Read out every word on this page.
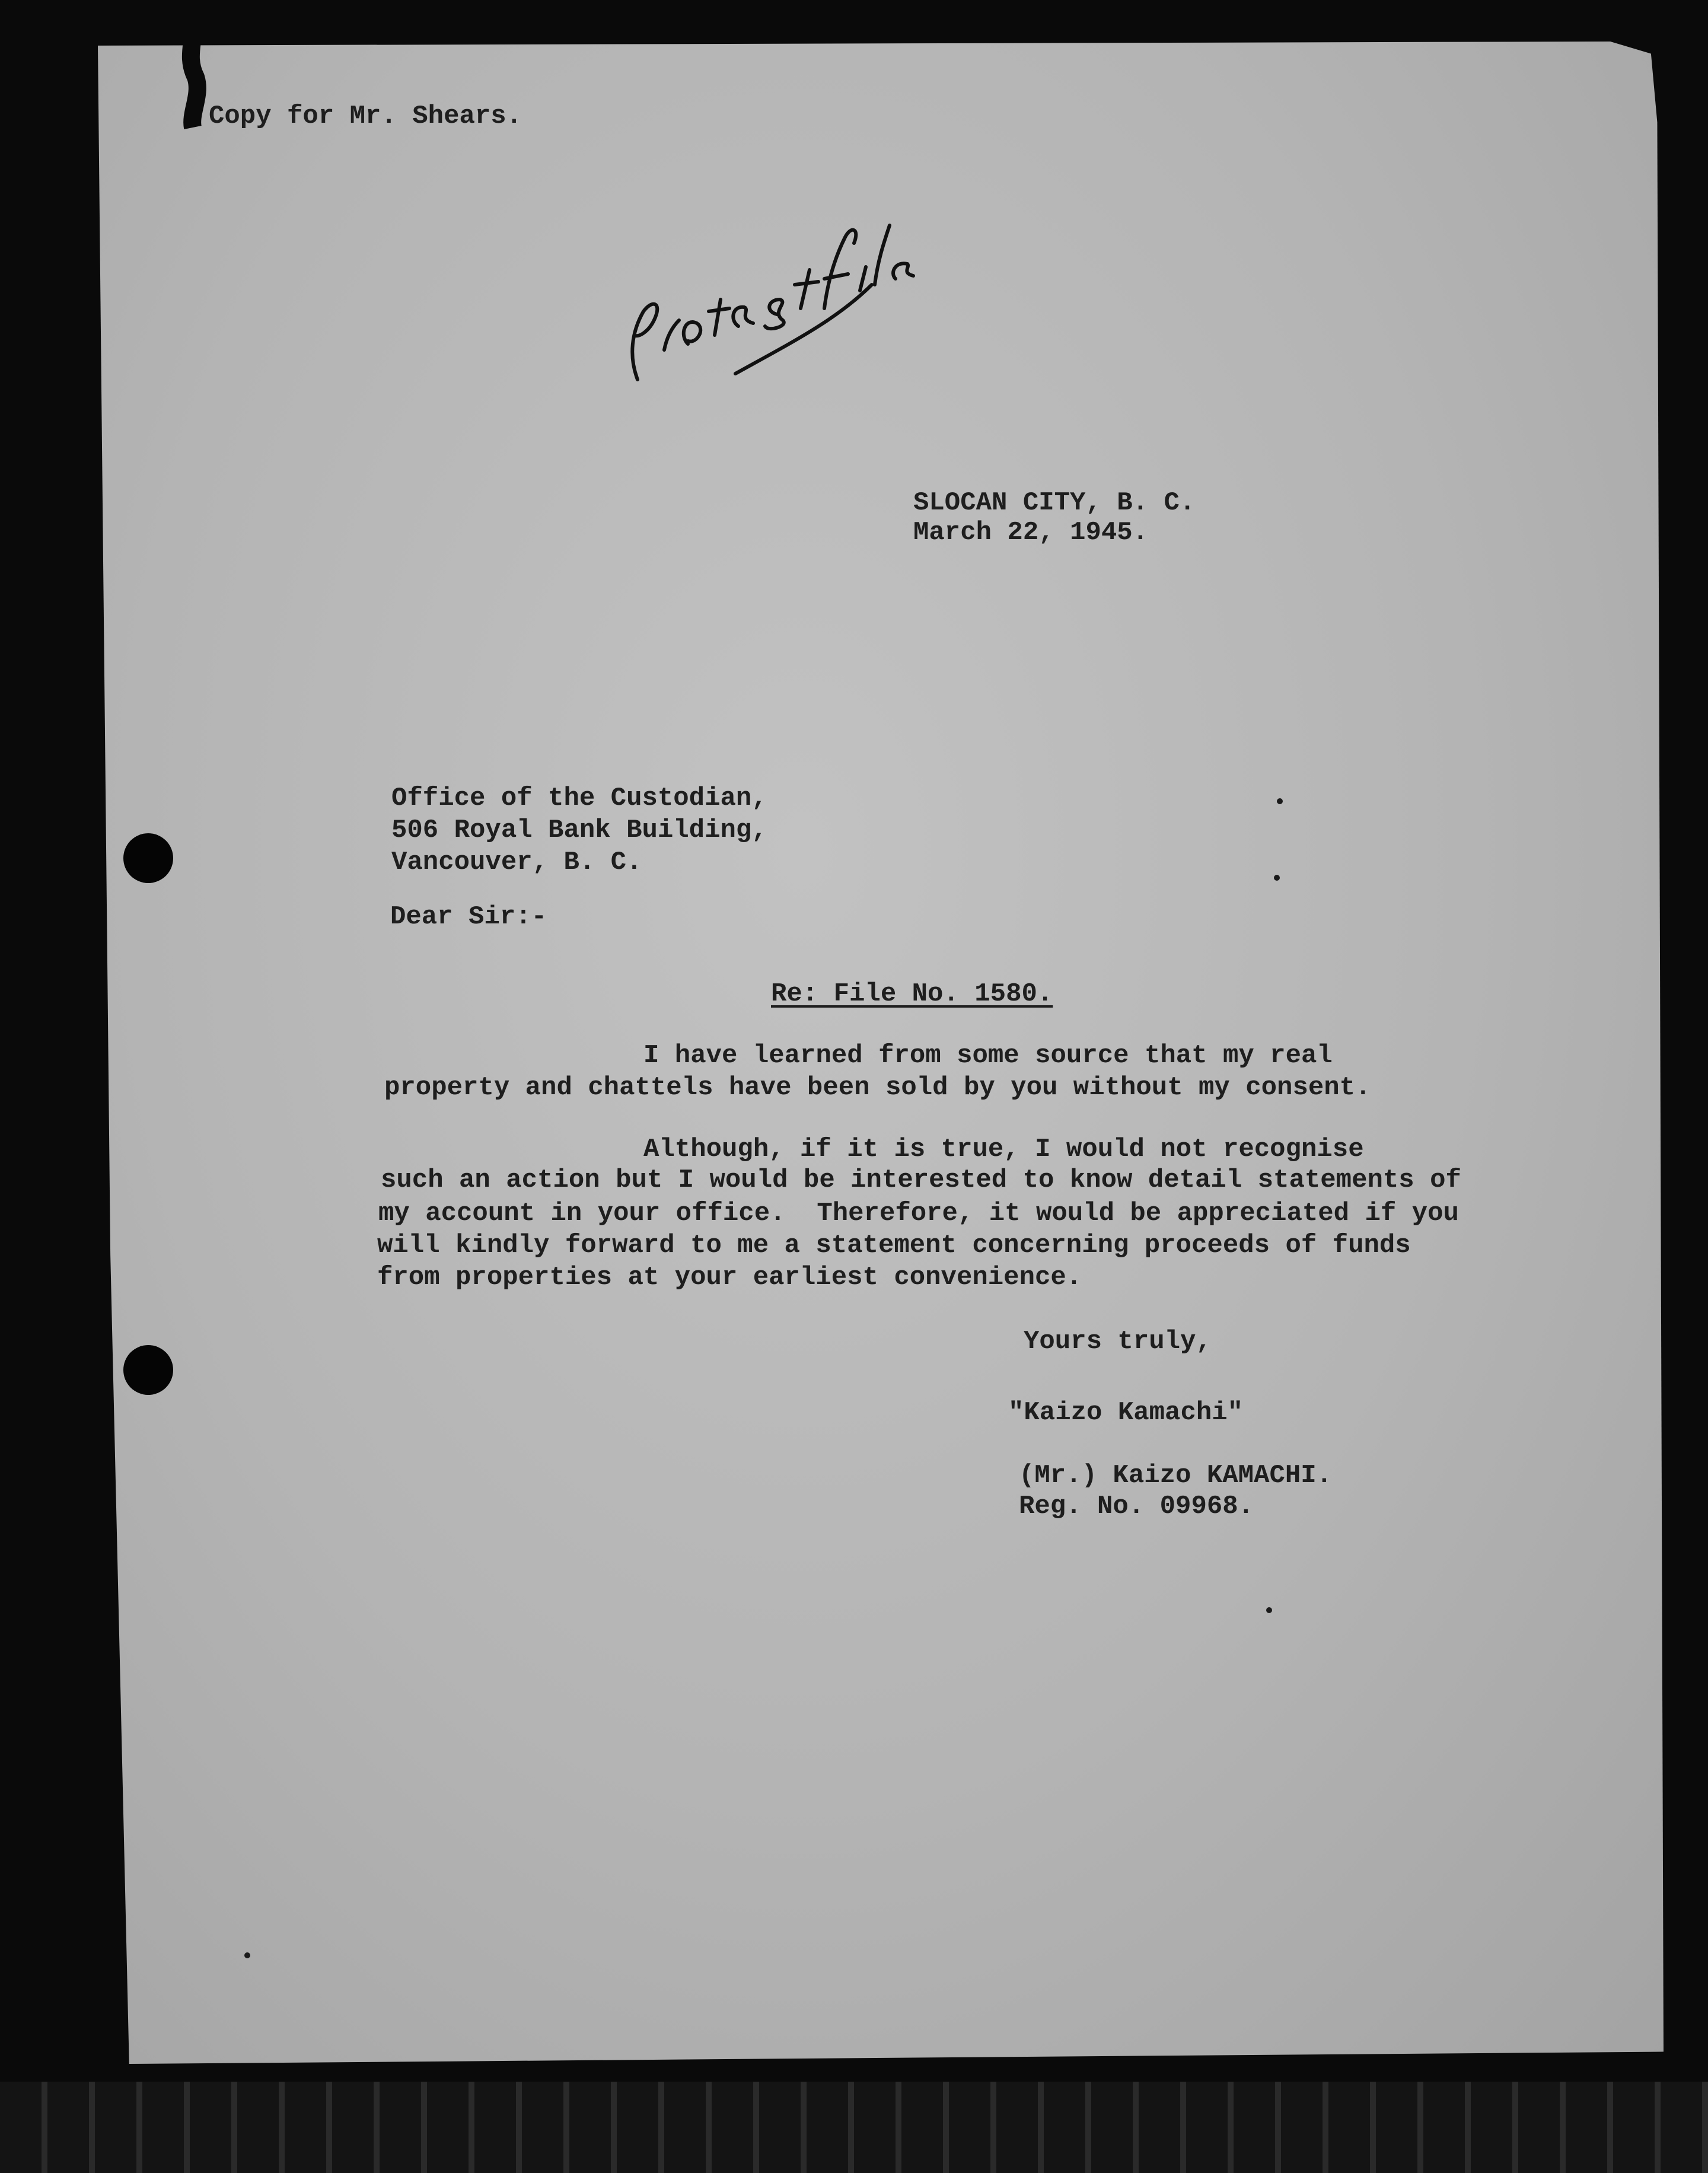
Copy for Mr. Shears.
SLOCAN CITY, B. C.
March 22, 1945.
Office of the Custodian,
506 Royal Bank Building,
Vancouver, B. C.
Dear Sir:-
Re: File No. 1580.
I have learned from some source that my real
property and chattels have been sold by you without my consent.
Although, if it is true, I would not recognise
such an action but I would be interested to know detail statements of
my account in your office.  Therefore, it would be appreciated if you
will kindly forward to me a statement concerning proceeds of funds
from properties at your earliest convenience.
Yours truly,
"Kaizo Kamachi"
(Mr.) Kaizo KAMACHI.
Reg. No. 09968.
